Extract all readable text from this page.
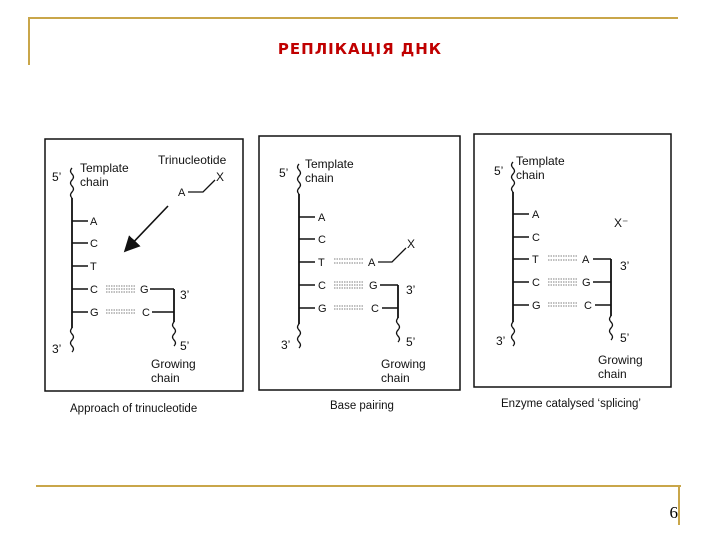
РЕПЛІКАЦІЯ ДНК
6
Template
chain
5’
3’
A
C
T
C
G
G
C
3’
5’
Growing
chain
Trinucleotide
A
X
Approach of trinucleotide
Template
chain
5’
3’
A
C
T
C
G
A
X
G
C
3’
5’
Growing
chain
Base pairing
Template
chain
5’
3’
A
C
T
C
G
A
G
C
3’
5’
X⁻
Growing
chain
Enzyme catalysed ‘splicing’
